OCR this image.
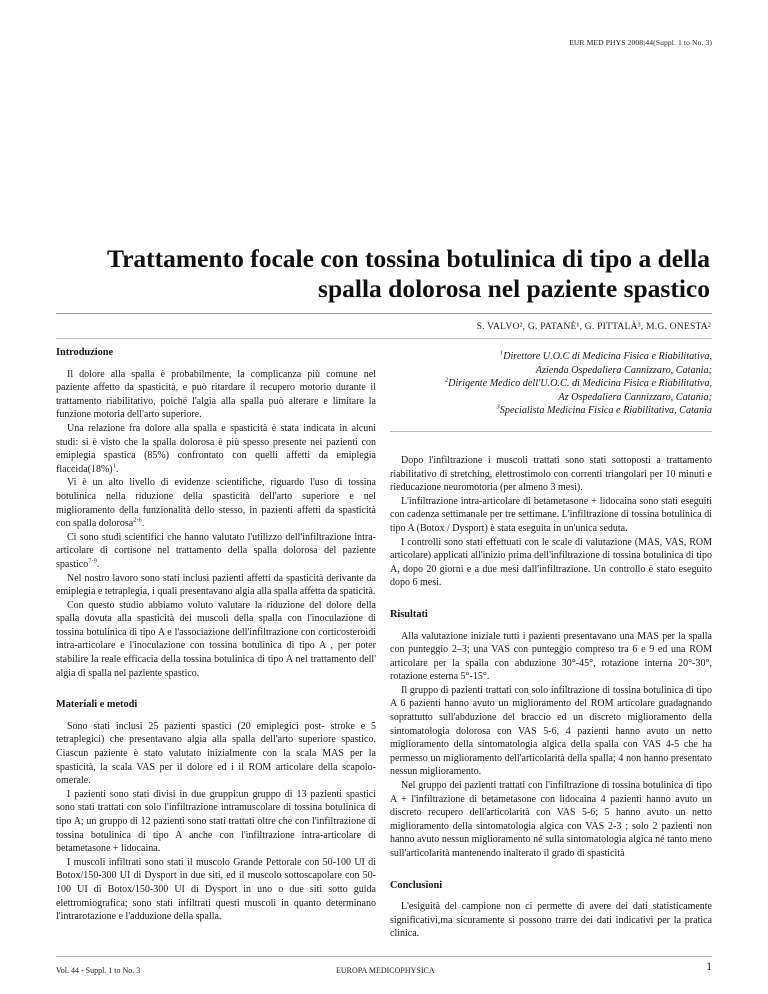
EUR MED PHYS 2008;44(Suppl. 1 to No. 3)
Trattamento focale con tossina botulinica di tipo a della spalla dolorosa nel paziente spastico
S. VALVO², G. PATANÈ¹, G. PITTALÀ³, M.G. ONESTA²
Introduzione

Il dolore alla spalla è probabilmente, la complicanza più comune nel paziente affetto da spasticità, e può ritardare il recupero motorio durante il trattamento riabilitativo, poiché l'algia alla spalla può alterare e limitare la funzione motoria dell'arto superiore.

Una relazione fra dolore alla spalla e spasticità è stata indicata in alcuni studi: si è visto che la spalla dolorosa è più spesso presente nei pazienti con emiplegia spastica (85%) confrontato con quelli affetti da emiplegia $flaccida(18\%)^1$.

Vi è un alto livello di evidenze scientifiche, riguardo l'uso di tossina botulinica nella riduzione della spasticità dell'arto superiore e nel miglioramento della funzionalità dello stesso, in pazienti affetti da spasticità con spalla dolorosa$^{2-6}$.

Ci sono studi scientifici che hanno valutato l'utilizzo dell'infiltrazione intra-articolare di cortisone nel trattamento della spalla dolorosa del paziente spastico$^{7-9}$.

Nel nostro lavoro sono stati inclusi pazienti affetti da spasticità derivante da emiplegia e tetraplegia, i quali presentavano algia alla spalla affetta da spaticità.

Con questo studio abbiamo voluto valutare la riduzione del dolore della spalla dovuta alla spasticità dei muscoli della spalla con l'inoculazione di tossina botulinica di tipo A e l'associazione dell'infiltrazione con corticosteroidi intra-articolare e l'inoculazione con tossina botulinica di tipo A , per poter stabilire la reale efficacia della tossina botulinica di tipo A nel trattamento dell' algia di spalla nel paziente spastico.

Materiali e metodi

Sono stati inclusi 25 pazienti spastici (20 emiplegici post- stroke e 5 tetraplegici) che presentavano algia alla spalla dell'arto superiore spastico. Ciascun paziente è stato valutato inizialmente con la scala MAS per la spasticità, la scala VAS per il dolore ed i il ROM articolare della scapolo-omerale.

I pazienti sono stati divisi in due gruppi:un gruppo di 13 pazienti spastici sono stati trattati con solo l'infiltrazione intramuscolare di tossina botulinica di tipo A; un gruppo di 12 pazienti sono stati trattati oltre che con l'infiltrazione di tossina botulinica di tipo A anche con l'infiltrazione intra-articolare di betametasone + lidocaina.

I muscoli infiltrati sono stati il muscolo Grande Pettorale con 50-100 UI di Botox/150-300 UI di Dysport in due siti, ed il muscolo sottoscapolare con 50-100 UI di Botox/150-300 UI di Dysport in uno o due siti sotto guida elettromiografica; sono stati infiltrati questi muscoli in quanto determinano l'intrarotazione e l'adduzione della spalla.

$^1$Direttore U.O.C di Medicina Fisica e Riabilitativa,
Azienda Ospedaliera Cannizzaro, Catania;
$^2$Dirigente Medico dell'U.O.C. di Medicina Fisica e Riabilitativa,
Az Ospedaliera Cannizzaro, Catania;
$^3$Specialista Medicina Fisica e Riabilitativa, Catania

Dopo l'infiltrazione i muscoli trattati sono stati sottoposti a trattamento riabilitativo di stretching, elettrostimolo con correnti triangolari per 10 minuti e rieducazione neuromotoria (per almeno 3 mesi).

L'infiltrazione intra-articolare di betametasone + lidocaina sono stati eseguiti con cadenza settimanale per tre settimane. L'infiltrazione di tossina botulinica di tipo A (Botox / Dysport) è stata eseguita in un'unica seduta.

I controlli sono stati effettuati con le scale di valutazione (MAS, VAS, ROM articolare) applicati all'inizio prima dell'infiltrazione di tossina botulinica di tipo A, dopo 20 giorni e a due mesi dall'infiltrazione. Un controllo è stato eseguito dopo 6 mesi.

Risultati

Alla valutazione iniziale tutti i pazienti presentavano una MAS per la spalla con punteggio 2–3; una VAS con punteggio compreso tra 6 e 9 ed una ROM articolare per la spalla con abduzione 30°-45°, rotazione interna 20°-30°, rotazione esterna 5°-15°.

Il gruppo di pazienti trattati con solo infiltrazione di tossina botulinica di tipo A 6 pazienti hanno avuto un miglioramento del ROM articolare guadagnando soprattutto sull'abduzione del braccio ed un discreto miglioramento della sintomatologia dolorosa con VAS 5-6, 4 pazienti hanno avuto un netto miglioramento della sintomatologia algica della spalla con VAS 4-5 che ha permesso un miglioramento dell'articolarità della spalla; 4 non hanno presentato nessun miglioramento.

Nel gruppo dei pazienti trattati con l'infiltrazione di tossina botulinica di tipo A + l'infiltrazione di betametasone con lidocaina 4 pazienti hanno avuto un discreto recupero dell'articolarità con VAS 5-6; 5 hanno avuto un netto miglioramento della sintomatologia algica con VAS 2-3 ; solo 2 pazienti non hanno avuto nessun miglioramento né sulla sintomatologia algica né tanto meno sull'articolarità mantenendo inalterato il grado di spasticità

Conclusioni

L'esiguità del campione non ci permette di avere dei dati statisticamente significativi,ma sicuramente si possono trarre dei dati indicativi per la pratica clinica.

Vol. 44 - Suppl. 1 to No. 3	EUROPA MEDICOPHYSICA	1
